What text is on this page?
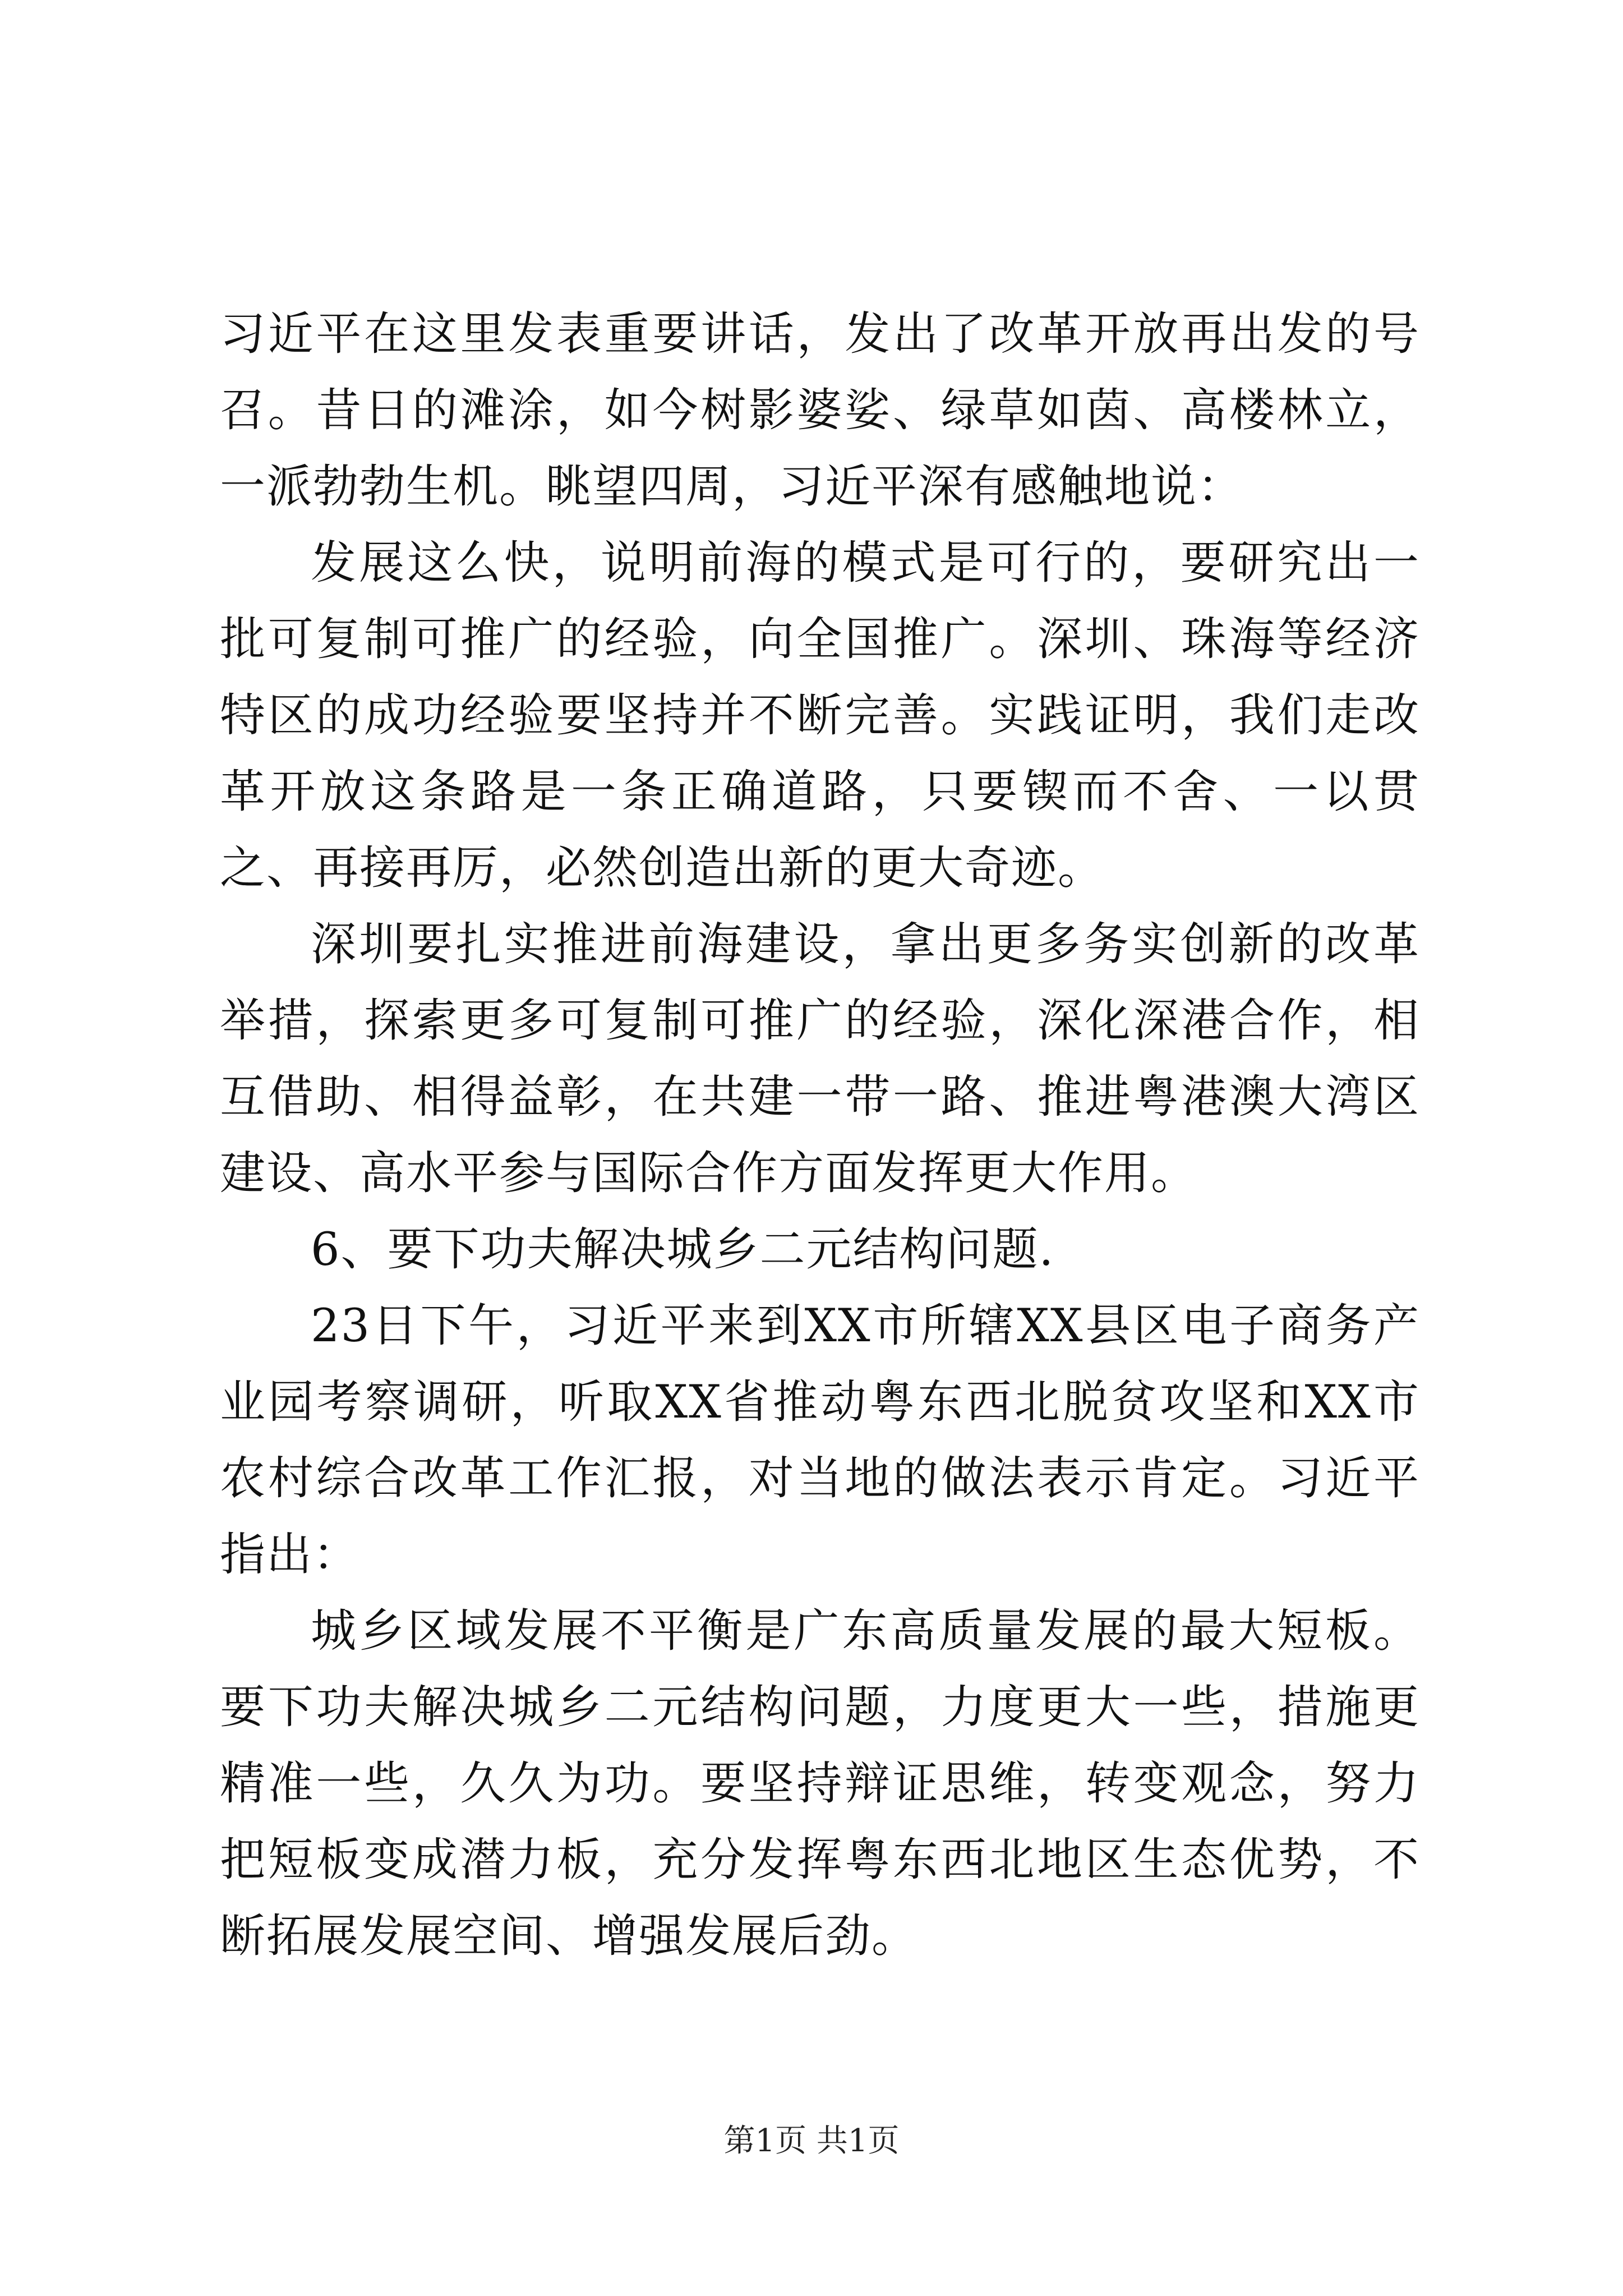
习近平在这里发表重要讲话，发出了改革开放再出发的号召。昔日的滩涂，如今树影婆娑、绿草如茵、高楼林立，一派勃勃生机。眺望四周，习近平深有感触地说：

发展这么快，说明前海的模式是可行的，要研究出一批可复制可推广的经验，向全国推广。深圳、珠海等经济特区的成功经验要坚持并不断完善。实践证明，我们走改革开放这条路是一条正确道路，只要锲而不舍、一以贯之、再接再厉，必然创造出新的更大奇迹。

深圳要扎实推进前海建设，拿出更多务实创新的改革举措，探索更多可复制可推广的经验，深化深港合作，相互借助、相得益彰，在共建一带一路、推进粤港澳大湾区建设、高水平参与国际合作方面发挥更大作用。

6、要下功夫解决城乡二元结构问题.

23日下午，习近平来到XX市所辖XX县区电子商务产业园考察调研，听取XX省推动粤东西北脱贫攻坚和XX市农村综合改革工作汇报，对当地的做法表示肯定。习近平指出：

城乡区域发展不平衡是广东高质量发展的最大短板。要下功夫解决城乡二元结构问题，力度更大一些，措施更精准一些，久久为功。要坚持辩证思维，转变观念，努力把短板变成潜力板，充分发挥粤东西北地区生态优势，不断拓展发展空间、增强发展后劲。

第1页 共1页
